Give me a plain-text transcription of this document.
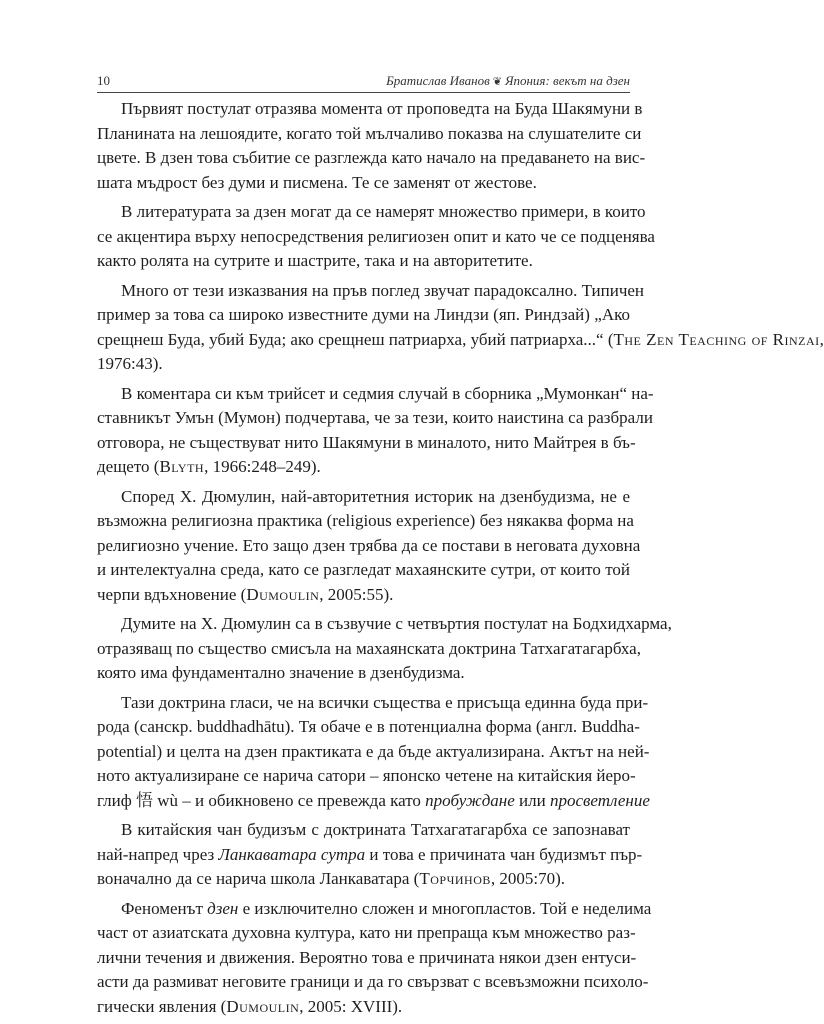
10	Братислав Иванов ❦ Япония: векът на дзен
Първият постулат отразява момента от проповедта на Буда Шакямуни в
Планината на лешоядите, когато той мълчаливо показва на слушателите си
цвете. В дзен това събитие се разглежда като начало на предаването на вис-
шата мъдрост без думи и писмена. Те се заменят от жестове.
В литературата за дзен могат да се намерят множество примери, в които
се акцентира върху непосредствения религиозен опит и като че се подценява
както ролята на сутрите и шастрите, така и на авторитетите.
Много от тези изказвания на пръв поглед звучат парадоксално. Типичен
пример за това са широко известните думи на Линдзи (яп. Риндзай) „Ако
срещнеш Буда, убий Буда; ако срещнеш патриарха, убий патриарха...“ (The Zen Teaching of Rinzai,
1976:43).
В коментара си към трийсет и седмия случай в сборника „Мумонкан“ на-
ставникът Умън (Мумон) подчертава, че за тези, които наистина са разбрали
отговора, не съществуват нито Шакямуни в миналото, нито Майтрея в бъ-
дещето (Blyth, 1966:248–249).
Според Х. Дюмулин, най-авторитетния историк на дзенбудизма, не е
възможна религиозна практика (religious experience) без някаква форма на
религиозно учение. Ето защо дзен трябва да се постави в неговата духовна
и интелектуална среда, като се разгледат махаянските сутри, от които той
черпи вдъхновение (Dumoulin, 2005:55).
Думите на Х. Дюмулин са в съзвучие с четвъртия постулат на Бодхидхарма,
отразяващ по същество смисъла на махаянската доктрина Татхагатагарбха,
която има фундаментално значение в дзенбудизма.
Тази доктрина гласи, че на всички същества е присъща единна буда при-
рода (санскр. buddhadhātu). Тя обаче е в потенциална форма (англ. Buddha-
potential) и целта на дзен практиката е да бъде актуализирана. Актът на ней-
ното актуализиране се нарича сатори – японско четене на китайския йеро-
глиф 悟 wù – и обикновено се превежда като пробуждане или просветление
В китайския чан будизъм с доктрината Татхагатагарбха се запознават
най-напред чрез Ланкаватара сутра и това е причината чан будизмът пър-
воначално да се нарича школа Ланкаватара (Торчинов, 2005:70).
Феноменът дзен е изключително сложен и многопластов. Той е неделима
част от азиатската духовна култура, като ни препраща към множество раз-
лични течения и движения. Вероятно това е причината някои дзен ентуси-
асти да размиват неговите граници и да го свързват с всевъзможни психоло-
гически явления (Dumoulin, 2005: XVIII).
